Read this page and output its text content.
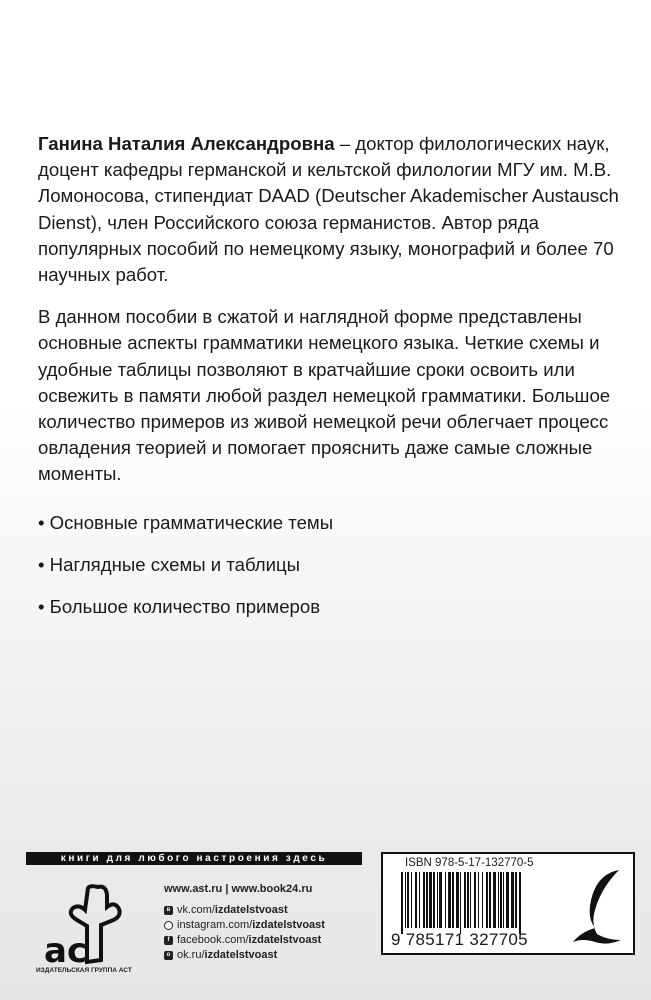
Ганина Наталия Александровна – доктор филологических наук, доцент кафедры германской и кельтской филологии МГУ им. М.В. Ломоносова, стипендиат DAAD (Deutscher Akademischer Austausch Dienst), член Российского союза германистов. Автор ряда популярных пособий по немецкому языку, монографий и более 70 научных работ.

В данном пособии в сжатой и наглядной форме представлены основные аспекты грамматики немецкого языка. Четкие схемы и удобные таблицы позволяют в кратчайшие сроки освоить или освежить в памяти любой раздел немецкой грамматики. Большое количество примеров из живой немецкой речи облегчает процесс овладения теорией и помогает прояснить даже самые сложные моменты.

• Основные грамматические темы

• Наглядные схемы и таблицы

• Большое количество примеров

книги для любого настроения здесь
ac
ИЗДАТЕЛЬСКАЯ ГРУППА АСТ
www.ast.ru | www.book24.ru
в vk.com/izdatelstvoast
instagram.com/izdatelstvoast
f facebook.com/izdatelstvoast
o ok.ru/izdatelstvoast
ISBN 978-5-17-132770-5
9 785171 327705
